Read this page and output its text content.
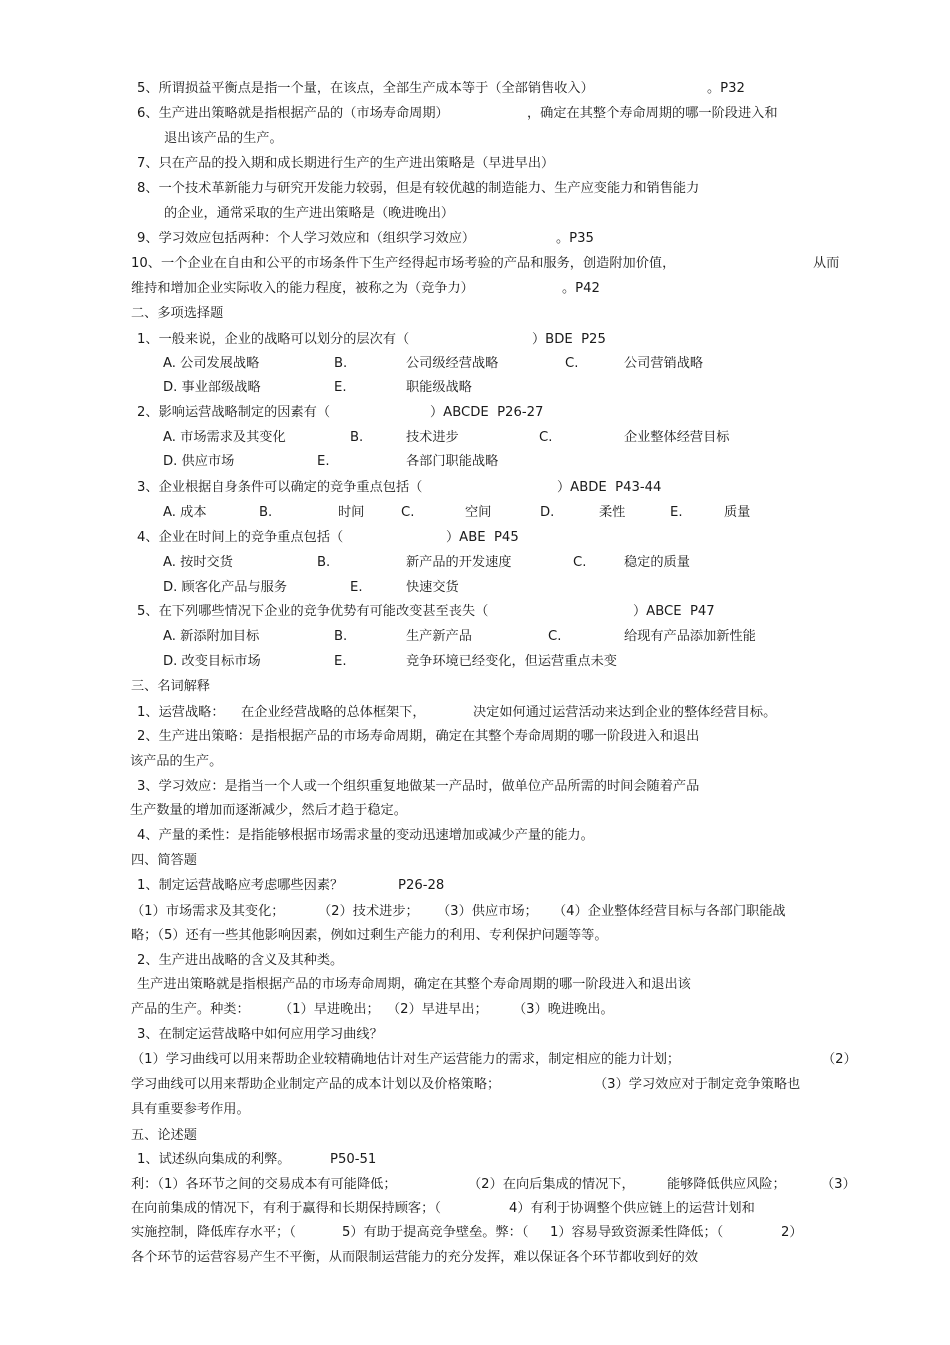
5、所谓损益平衡点是指一个量，在该点，全部生产成本等于（全部销售收入）	。P32
6、生产进出策略就是指根据产品的（市场寿命周期）	，确定在其整个寿命周期的哪一阶段进入和
退出该产品的生产。
7、只在产品的投入期和成长期进行生产的生产进出策略是（早进早出）
8、一个技术革新能力与研究开发能力较弱，但是有较优越的制造能力、生产应变能力和销售能力
的企业，通常采取的生产进出策略是（晚进晚出）
9、学习效应包括两种：个人学习效应和（组织学习效应）	。P35
10、一个企业在自由和公平的市场条件下生产经得起市场考验的产品和服务，创造附加价值，	从而
维持和增加企业实际收入的能力程度，被称之为（竞争力）	。P42
二、多项选择题
1、一般来说，企业的战略可以划分的层次有（	）BDE  P25
A. 公司发展战略	B.	公司级经营战略	C.	公司营销战略
D. 事业部级战略	E.	职能级战略
2、影响运营战略制定的因素有（	）ABCDE  P26-27
A. 市场需求及其变化	B.	技术进步	C.	企业整体经营目标
D. 供应市场	E.	各部门职能战略
3、企业根据自身条件可以确定的竞争重点包括（	）ABDE  P43-44
A. 成本	B.	时间	C.	空间	D.	柔性	E.	质量
4、企业在时间上的竞争重点包括（	）ABE  P45
A. 按时交货	B.	新产品的开发速度	C.	稳定的质量
D. 顾客化产品与服务	E.	快速交货
5、在下列哪些情况下企业的竞争优势有可能改变甚至丧失（	）ABCE  P47
A. 新添附加目标	B.	生产新产品	C.	给现有产品添加新性能
D. 改变目标市场	E.	竞争环境已经变化，但运营重点未变
三、名词解释
1、运营战略： 在企业经营战略的总体框架下，	决定如何通过运营活动来达到企业的整体经营目标。
2、生产进出策略：是指根据产品的市场寿命周期，确定在其整个寿命周期的哪一阶段进入和退出
该产品的生产。
3、学习效应：是指当一个人或一个组织重复地做某一产品时，做单位产品所需的时间会随着产品
生产数量的增加而逐渐减少，然后才趋于稳定。
4、产量的柔性：是指能够根据市场需求量的变动迅速增加或减少产量的能力。
四、简答题
1、制定运营战略应考虑哪些因素？	P26-28
（1）市场需求及其变化；	（2）技术进步； （3）供应市场； （4）企业整体经营目标与各部门职能战
略；（5）还有一些其他影响因素，例如过剩生产能力的利用、专利保护问题等等。
2、生产进出战略的含义及其种类。
生产进出策略就是指根据产品的市场寿命周期，确定在其整个寿命周期的哪一阶段进入和退出该
产品的生产。种类： （1）早进晚出； （2）早进早出； （3）晚进晚出。
3、在制定运营战略中如何应用学习曲线？
（1）学习曲线可以用来帮助企业较精确地估计对生产运营能力的需求，制定相应的能力计划；	（2）
学习曲线可以用来帮助企业制定产品的成本计划以及价格策略；	（3）学习效应对于制定竞争策略也
具有重要参考作用。
五、论述题
1、试述纵向集成的利弊。	P50-51
利：（1）各环节之间的交易成本有可能降低；	（2）在向后集成的情况下， 能够降低供应风险；	（3）
在向前集成的情况下，有利于赢得和长期保持顾客；（	4）有利于协调整个供应链上的运营计划和
实施控制，降低库存水平；（	5）有助于提高竞争壁垒。弊：（ 1）容易导致资源柔性降低；（	2）
各个环节的运营容易产生不平衡，从而限制运营能力的充分发挥，难以保证各个环节都收到好的效
